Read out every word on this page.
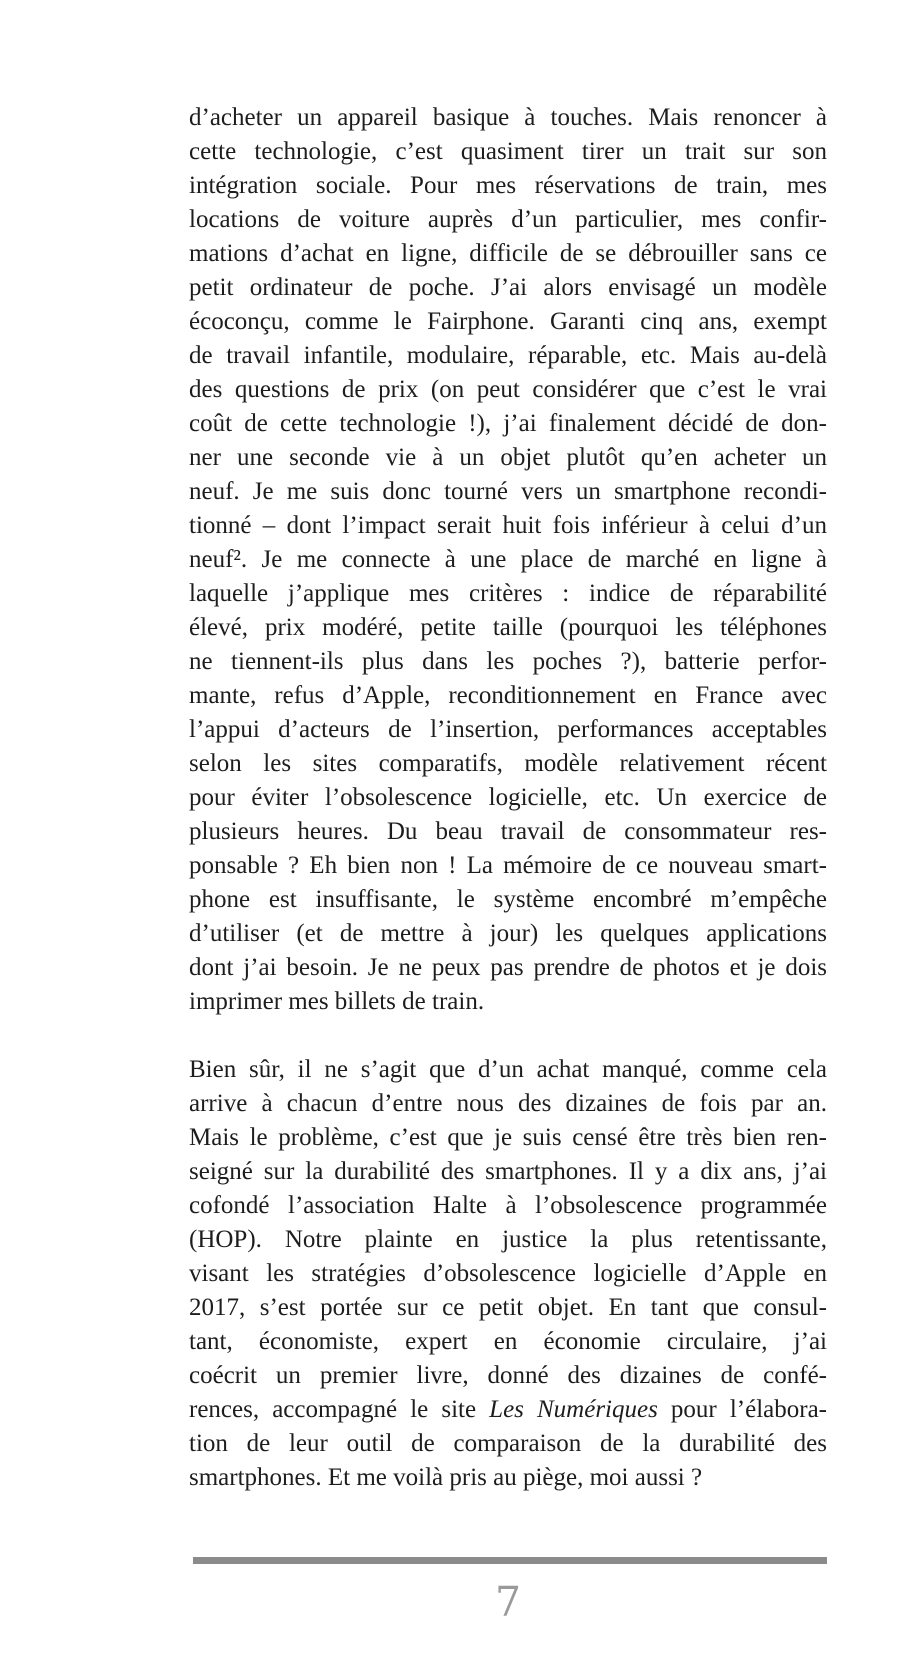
d’acheter un appareil basique à touches. Mais renoncer à
cette technologie, c’est quasiment tirer un trait sur son
intégration sociale. Pour mes réservations de train, mes
locations de voiture auprès d’un particulier, mes confir-
mations d’achat en ligne, difficile de se débrouiller sans ce
petit ordinateur de poche. J’ai alors envisagé un modèle
écoconçu, comme le Fairphone. Garanti cinq ans, exempt
de travail infantile, modulaire, réparable, etc. Mais au-delà
des questions de prix (on peut considérer que c’est le vrai
coût de cette technologie !), j’ai finalement décidé de don-
ner une seconde vie à un objet plutôt qu’en acheter un
neuf. Je me suis donc tourné vers un smartphone recondi-
tionné – dont l’impact serait huit fois inférieur à celui d’un
neuf². Je me connecte à une place de marché en ligne à
laquelle j’applique mes critères : indice de réparabilité
élevé, prix modéré, petite taille (pourquoi les téléphones
ne tiennent-ils plus dans les poches ?), batterie perfor-
mante, refus d’Apple, reconditionnement en France avec
l’appui d’acteurs de l’insertion, performances acceptables
selon les sites comparatifs, modèle relativement récent
pour éviter l’obsolescence logicielle, etc. Un exercice de
plusieurs heures. Du beau travail de consommateur res-
ponsable ? Eh bien non ! La mémoire de ce nouveau smart-
phone est insuffisante, le système encombré m’empêche
d’utiliser (et de mettre à jour) les quelques applications
dont j’ai besoin. Je ne peux pas prendre de photos et je dois
imprimer mes billets de train.
Bien sûr, il ne s’agit que d’un achat manqué, comme cela
arrive à chacun d’entre nous des dizaines de fois par an.
Mais le problème, c’est que je suis censé être très bien ren-
seigné sur la durabilité des smartphones. Il y a dix ans, j’ai
cofondé l’association Halte à l’obsolescence programmée
(HOP). Notre plainte en justice la plus retentissante,
visant les stratégies d’obsolescence logicielle d’Apple en
2017, s’est portée sur ce petit objet. En tant que consul-
tant, économiste, expert en économie circulaire, j’ai
coécrit un premier livre, donné des dizaines de confé-
rences, accompagné le site Les Numériques pour l’élabora-
tion de leur outil de comparaison de la durabilité des
smartphones. Et me voilà pris au piège, moi aussi ?
7
